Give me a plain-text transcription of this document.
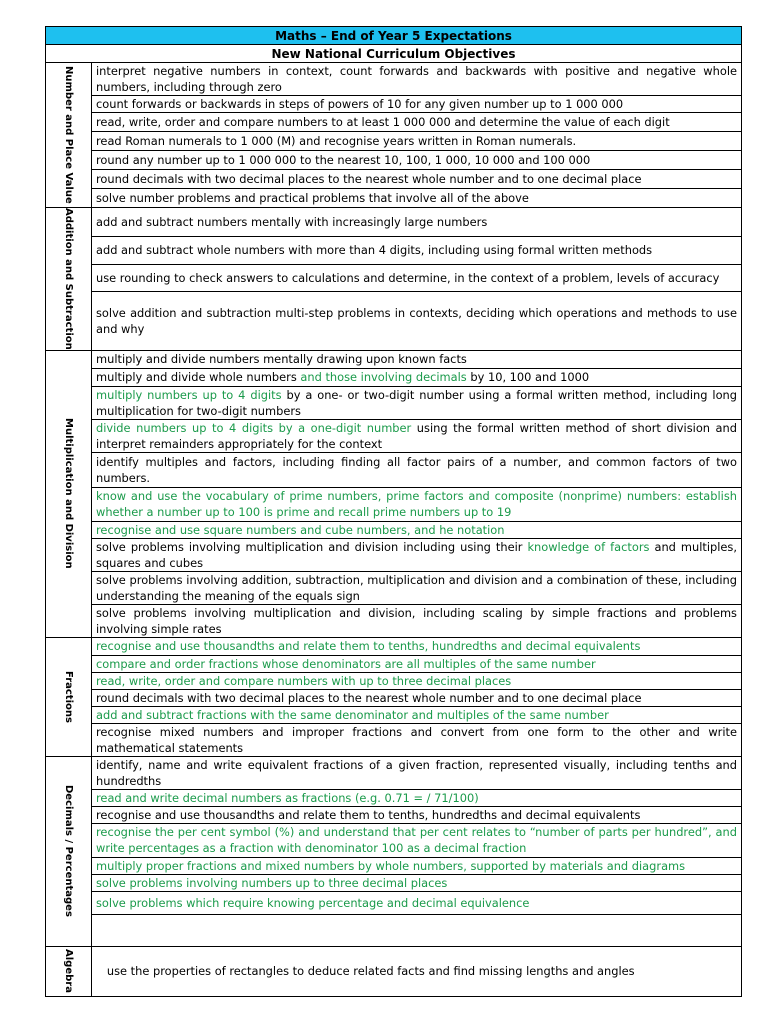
Maths – End of Year 5 Expectations	
New National Curriculum Objectives	

Number and Place Value	interpret negative numbers in context, count forwards and backwards with positive and negative whole numbers, including through zero
	count forwards or backwards in steps of powers of 10 for any given number up to 1 000 000
	read, write, order and compare numbers to at least 1 000 000 and determine the value of each digit
	read Roman numerals to 1 000 (M) and recognise years written in Roman numerals.
	round any number up to 1 000 000 to the nearest 10, 100, 1 000, 10 000 and 100 000
	round decimals with two decimal places to the nearest whole number and to one decimal place
	solve number problems and practical problems that involve all of the above

Addition and Subtraction	add and subtract numbers mentally with increasingly large numbers
	add and subtract whole numbers with more than 4 digits, including using formal written methods
	use rounding to check answers to calculations and determine, in the context of a problem, levels of accuracy
	solve addition and subtraction multi-step problems in contexts, deciding which operations and methods to use and why

Multiplication and Division	multiply and divide numbers mentally drawing upon known facts
	multiply and divide whole numbers and those involving decimals by 10, 100 and 1000
	multiply numbers up to 4 digits by a one- or two-digit number using a formal written method, including long multiplication for two-digit numbers
	divide numbers up to 4 digits by a one-digit number using the formal written method of short division and interpret remainders appropriately for the context
	identify multiples and factors, including finding all factor pairs of a number, and common factors of two numbers.
	know and use the vocabulary of prime numbers, prime factors and composite (nonprime) numbers: establish whether a number up to 100 is prime and recall prime numbers up to 19
	recognise and use square numbers and cube numbers, and he notation
	solve problems involving multiplication and division including using their knowledge of factors and multiples, squares and cubes
	solve problems involving addition, subtraction, multiplication and division and a combination of these, including understanding the meaning of the equals sign
	solve problems involving multiplication and division, including scaling by simple fractions and problems involving simple rates

Fractions	recognise and use thousandths and relate them to tenths, hundredths and decimal equivalents
	compare and order fractions whose denominators are all multiples of the same number
	read, write, order and compare numbers with up to three decimal places
	round decimals with two decimal places to the nearest whole number and to one decimal place
	add and subtract fractions with the same denominator and multiples of the same number
	recognise mixed numbers and improper fractions and convert from one form to the other and write mathematical statements

Decimals / Percentages	identify, name and write equivalent fractions of a given fraction, represented visually, including tenths and hundredths
	read and write decimal numbers as fractions (e.g. 0.71 = / 71/100)
	recognise and use thousandths and relate them to tenths, hundredths and decimal equivalents
	recognise the per cent symbol (%) and understand that per cent relates to “number of parts per hundred”, and write percentages as a fraction with denominator 100 as a decimal fraction
	multiply proper fractions and mixed numbers by whole numbers, supported by materials and diagrams
	solve problems involving numbers up to three decimal places
	solve problems which require knowing percentage and decimal equivalence

Algebra	use the properties of rectangles to deduce related facts and find missing lengths and angles
